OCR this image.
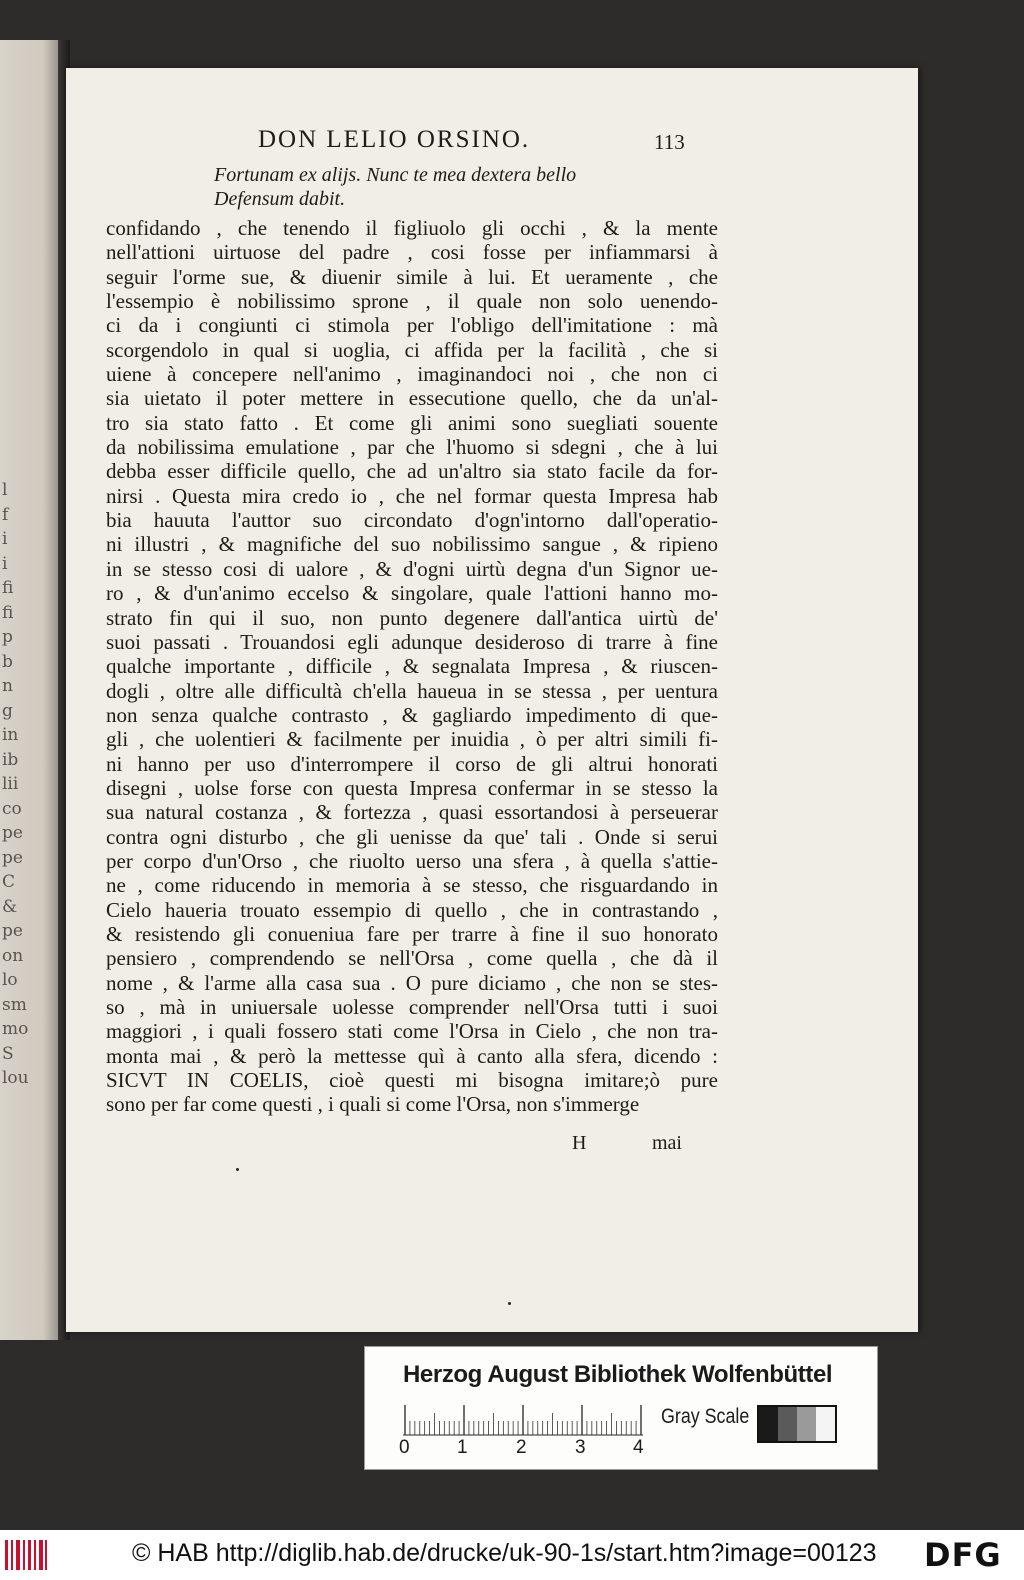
l
f
i
i
fi
fi
p
b
n
g
in
ib
lii
co
pe
pe
C
&
pe
on
lo
sm
mo
S
lou
DON LELIO ORSINO.	113
Fortunam ex alijs. Nunc te mea dextera bello
Defensum dabit.
confidando , che tenendo il figliuolo gli occhi , & la mente
nell'attioni uirtuose del padre , cosi fosse per infiammarsi à
seguir l'orme sue, & diuenir simile à lui. Et ueramente , che
l'essempio è nobilissimo sprone , il quale non solo uenendo-
ci da i congiunti ci stimola per l'obligo dell'imitatione : mà
scorgendolo in qual si uoglia, ci affida per la facilità , che si
uiene à concepere nell'animo , imaginandoci noi , che non ci
sia uietato il poter mettere in essecutione quello, che da un'al-
tro sia stato fatto . Et come gli animi sono suegliati souente
da nobilissima emulatione , par che l'huomo si sdegni , che à lui
debba esser difficile quello, che ad un'altro sia stato facile da for-
nirsi . Questa mira credo io , che nel formar questa Impresa hab
bia hauuta l'auttor suo circondato d'ogn'intorno dall'operatio-
ni illustri , & magnifiche del suo nobilissimo sangue , & ripieno
in se stesso cosi di ualore , & d'ogni uirtù degna d'un Signor ue-
ro , & d'un'animo eccelso & singolare, quale l'attioni hanno mo-
strato fin qui il suo, non punto degenere dall'antica uirtù de'
suoi passati . Trouandosi egli adunque desideroso di trarre à fine
qualche importante , difficile , & segnalata Impresa , & riuscen-
dogli , oltre alle difficultà ch'ella haueua in se stessa , per uentura
non senza qualche contrasto , & gagliardo impedimento di que-
gli , che uolentieri & facilmente per inuidia , ò per altri simili fi-
ni hanno per uso d'interrompere il corso de gli altrui honorati
disegni , uolse forse con questa Impresa confermar in se stesso la
sua natural costanza , & fortezza , quasi essortandosi à perseuerar
contra ogni disturbo , che gli uenisse da que' tali . Onde si serui
per corpo d'un'Orso , che riuolto uerso una sfera , à quella s'attie-
ne , come riducendo in memoria à se stesso, che risguardando in
Cielo haueria trouato essempio di quello , che in contrastando ,
& resistendo gli conueniua fare per trarre à fine il suo honorato
pensiero , comprendendo se nell'Orsa , come quella , che dà il
nome , & l'arme alla casa sua . O pure diciamo , che non se stes-
so , mà in uniuersale uolesse comprender nell'Orsa tutti i suoi
maggiori , i quali fossero stati come l'Orsa in Cielo , che non tra-
monta mai , & però la mettesse quì à canto alla sfera, dicendo :
SICVT IN COELIS, cioè questi mi bisogna imitare;ò pure
sono per far come questi , i quali si come l'Orsa, non s'immerge
H	mai
Herzog August Bibliothek Wolfenbüttel
0 1	2	3 4
Gray Scale
© HAB http://diglib.hab.de/drucke/uk-90-1s/start.htm?image=00123 DFG
